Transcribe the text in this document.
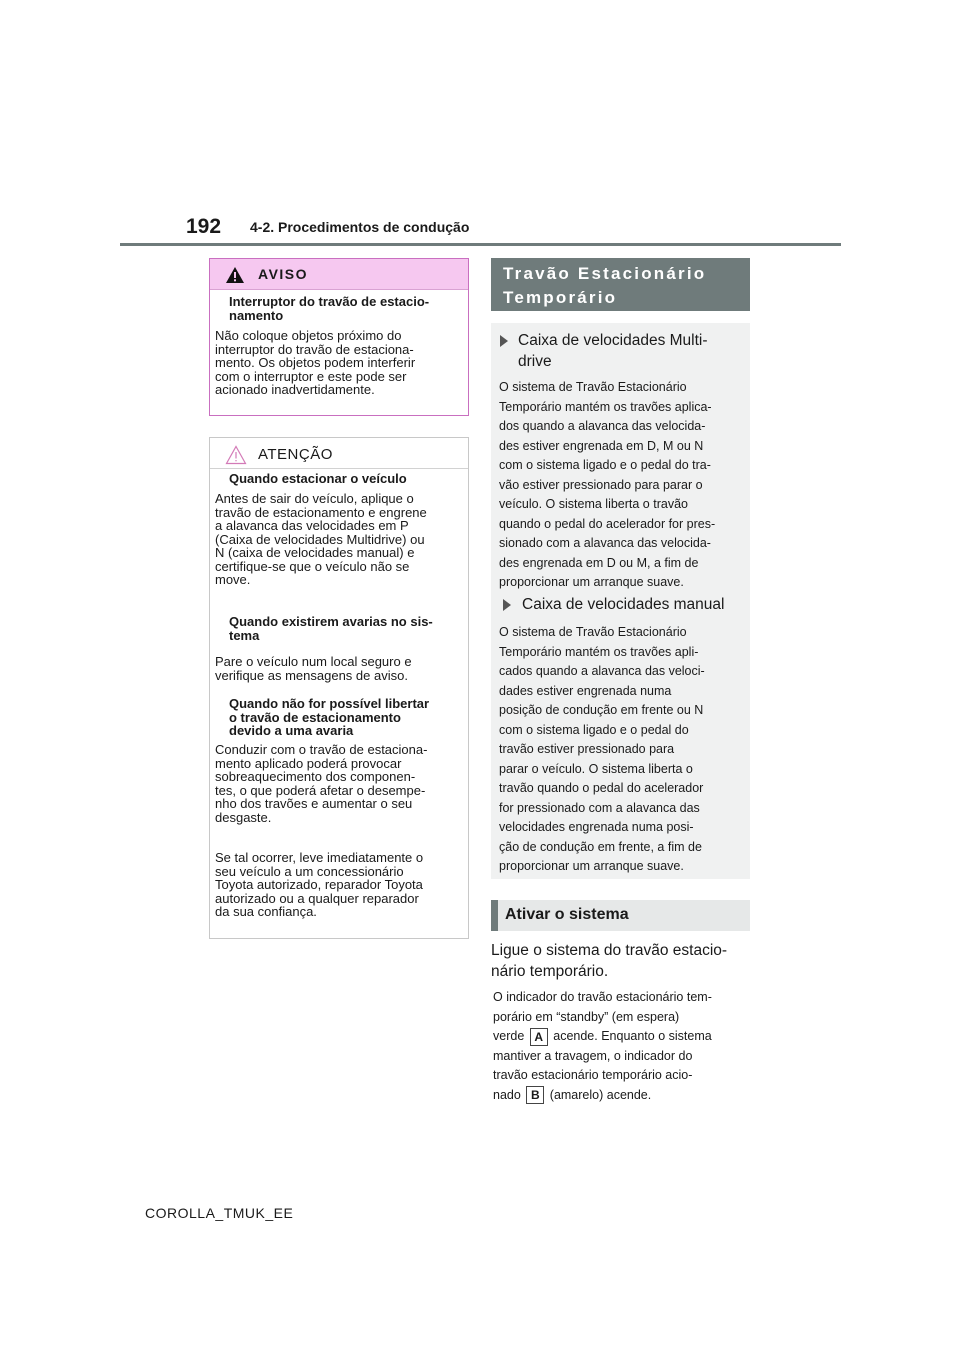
192 4-2. Procedimentos de condução
AVISO
Interruptor do travão de estacio-
namento
Não coloque objetos próximo do
interruptor do travão de estaciona-
mento. Os objetos podem interferir
com o interruptor e este pode ser
acionado inadvertidamente.
ATENÇÃO
Quando estacionar o veículo
Antes de sair do veículo, aplique o
travão de estacionamento e engrene
a alavanca das velocidades em P
(Caixa de velocidades Multidrive) ou
N (caixa de velocidades manual) e
certifique-se que o veículo não se
move.
Quando existirem avarias no sis-
tema
Pare o veículo num local seguro e
verifique as mensagens de aviso.
Quando não for possível libertar
o travão de estacionamento
devido a uma avaria
Conduzir com o travão de estaciona-
mento aplicado poderá provocar
sobreaquecimento dos componen-
tes, o que poderá afetar o desempe-
nho dos travões e aumentar o seu
desgaste.
Se tal ocorrer, leve imediatamente o
seu veículo a um concessionário
Toyota autorizado, reparador Toyota
autorizado ou a qualquer reparador
da sua confiança.
Travão Estacionário
Temporário
Caixa de velocidades Multi-
drive
O sistema de Travão Estacionário
Temporário mantém os travões aplica-
dos quando a alavanca das velocida-
des estiver engrenada em D, M ou N
com o sistema ligado e o pedal do tra-
vão estiver pressionado para parar o
veículo. O sistema liberta o travão
quando o pedal do acelerador for pres-
sionado com a alavanca das velocida-
des engrenada em D ou M, a fim de
proporcionar um arranque suave.
Caixa de velocidades manual
O sistema de Travão Estacionário
Temporário mantém os travões apli-
cados quando a alavanca das veloci-
dades estiver engrenada numa
posição de condução em frente ou N
com o sistema ligado e o pedal do
travão estiver pressionado para
parar o veículo. O sistema liberta o
travão quando o pedal do acelerador
for pressionado com a alavanca das
velocidades engrenada numa posi-
ção de condução em frente, a fim de
proporcionar um arranque suave.
Ativar o sistema
Ligue o sistema do travão estacio-
nário temporário.
O indicador do travão estacionário tem-
porário em “standby” (em espera)
verde A acende. Enquanto o sistema
mantiver a travagem, o indicador do
travão estacionário temporário acio-
nado B (amarelo) acende.
COROLLA_TMUK_EE
